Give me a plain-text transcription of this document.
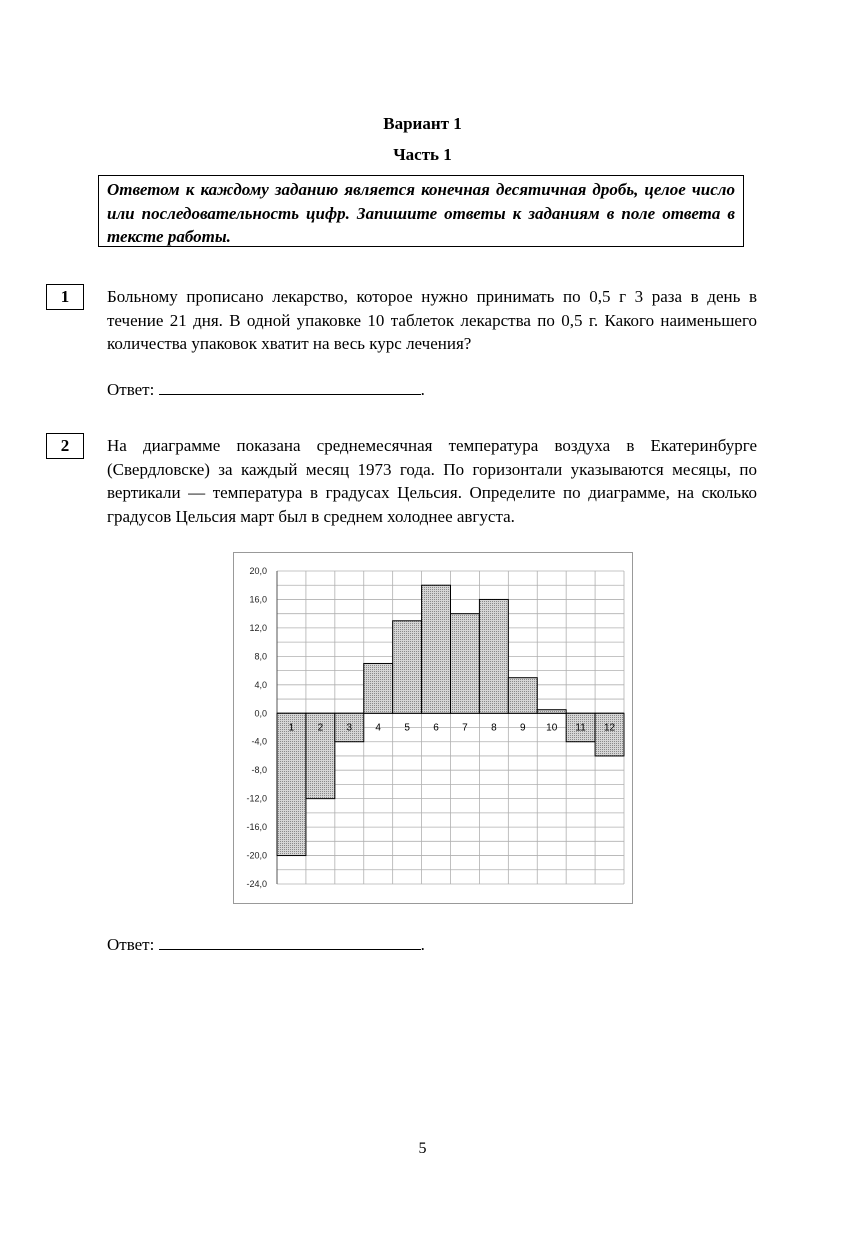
Вариант 1
Часть 1
Ответом к каждому заданию является конечная десятичная дробь, целое число или последовательность цифр. Запишите ответы к заданиям в поле ответа в тексте работы.
1	Больному прописано лекарство, которое нужно принимать по 0,5 г 3 раза в день в течение 21 дня. В одной упаковке 10 таблеток лекарства по 0,5 г. Какого наименьшего количества упаковок хватит на весь курс лечения?
Ответ:	.
2	На диаграмме показана среднемесячная температура воздуха в Екатеринбурге (Свердловске) за каждый месяц 1973 года. По горизонтали указываются месяцы, по вертикали — температура в градусах Цельсия. Определите по диаграмме, на сколько градусов Цельсия март был в среднем холоднее августа.
20,0
16,0
12,0
8,0
4,0
0,0
-4,0
-8,0
-12,0
-16,0
-20,0
-24,0
1 2 3 4 5 6 7 8 9 10 11 12
Ответ:	.
5
